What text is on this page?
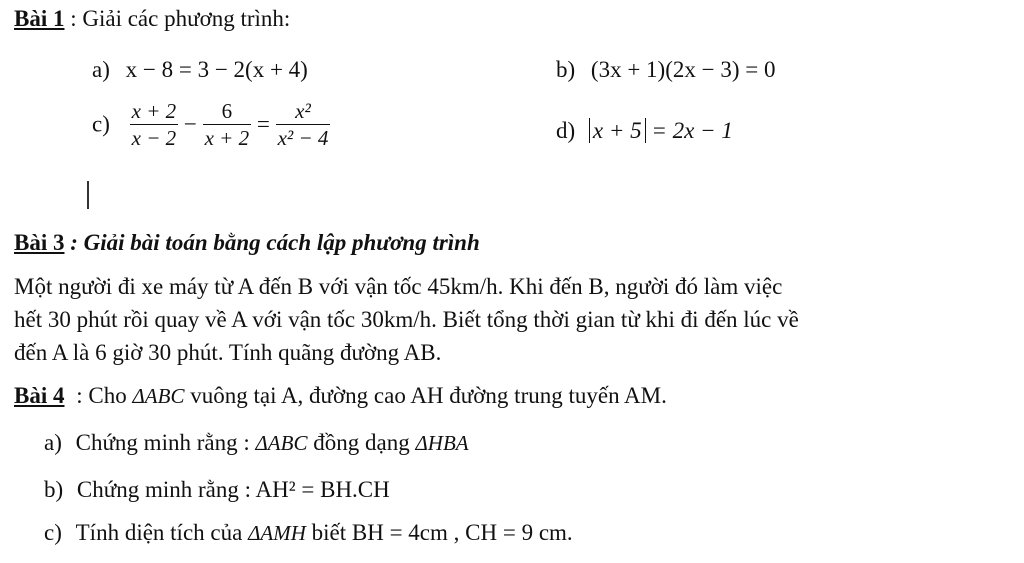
Bài 1 : Giải các phương trình:
a) x − 8 = 3 − 2(x + 4)	b) (3x + 1)(2x − 3) = 0
$c) \frac{x + 2}{x - 2} - \frac{6}{x + 2} = \frac{\text{x²}}{\text{x² − 4}}$	d) x + 5 = 2x − 1
Bài 3 : Giải bài toán bằng cách lập phương trình
Một người đi xe máy từ A đến B với vận tốc 45km/h. Khi đến B, người đó làm việc
hết 30 phút rồi quay về A với vận tốc 30km/h. Biết tổng thời gian từ khi đi đến lúc về
đến A là 6 giờ 30 phút. Tính quãng đường AB.
Bài 4 : Cho ΔABC vuông tại A, đường cao AH đường trung tuyến AM.
a) Chứng minh rằng : ΔABC đồng dạng ΔHBA
b) Chứng minh rằng : AH² = BH.CH
c) Tính diện tích của ΔAMH biết BH = 4cm , CH = 9 cm.
